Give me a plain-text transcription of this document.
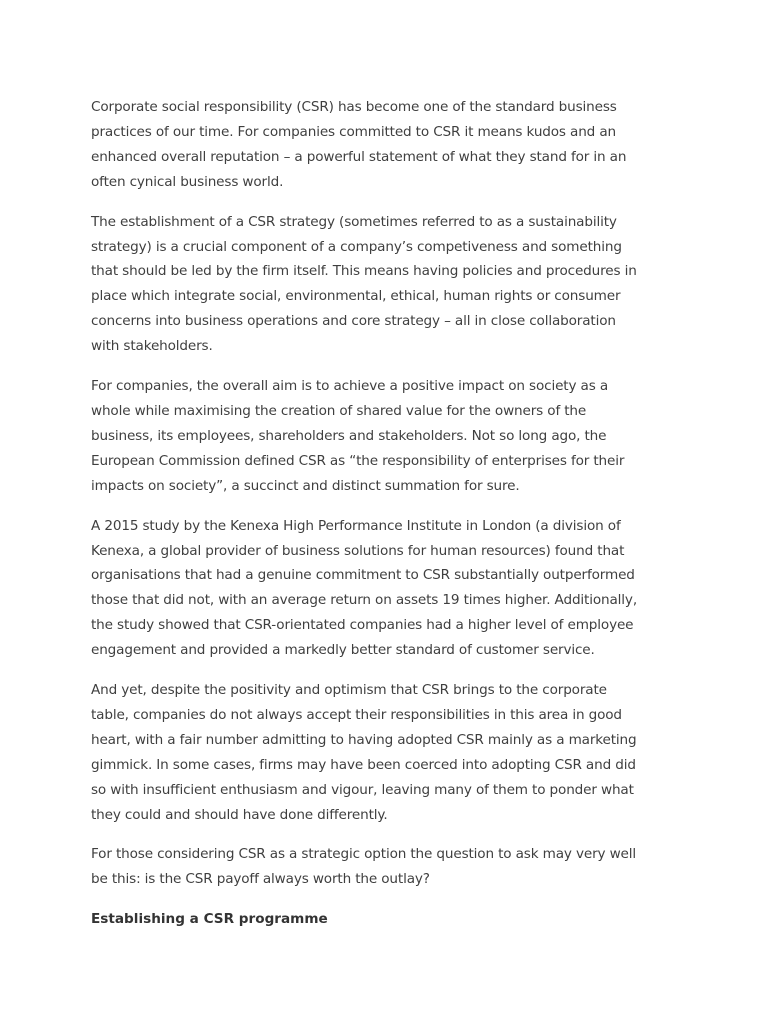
Corporate social responsibility (CSR) has become one of the standard business practices of our time. For companies committed to CSR it means kudos and an enhanced overall reputation – a powerful statement of what they stand for in an often cynical business world.

The establishment of a CSR strategy (sometimes referred to as a sustainability strategy) is a crucial component of a company’s competiveness and something that should be led by the firm itself. This means having policies and procedures in place which integrate social, environmental, ethical, human rights or consumer concerns into business operations and core strategy – all in close collaboration with stakeholders.

For companies, the overall aim is to achieve a positive impact on society as a whole while maximising the creation of shared value for the owners of the business, its employees, shareholders and stakeholders. Not so long ago, the European Commission defined CSR as “the responsibility of enterprises for their impacts on society”, a succinct and distinct summation for sure.

A 2015 study by the Kenexa High Performance Institute in London (a division of Kenexa, a global provider of business solutions for human resources) found that organisations that had a genuine commitment to CSR substantially outperformed those that did not, with an average return on assets 19 times higher. Additionally, the study showed that CSR-orientated companies had a higher level of employee engagement and provided a markedly better standard of customer service.

And yet, despite the positivity and optimism that CSR brings to the corporate table, companies do not always accept their responsibilities in this area in good heart, with a fair number admitting to having adopted CSR mainly as a marketing gimmick. In some cases, firms may have been coerced into adopting CSR and did so with insufficient enthusiasm and vigour, leaving many of them to ponder what they could and should have done differently.

For those considering CSR as a strategic option the question to ask may very well be this: is the CSR payoff always worth the outlay?

Establishing a CSR programme
